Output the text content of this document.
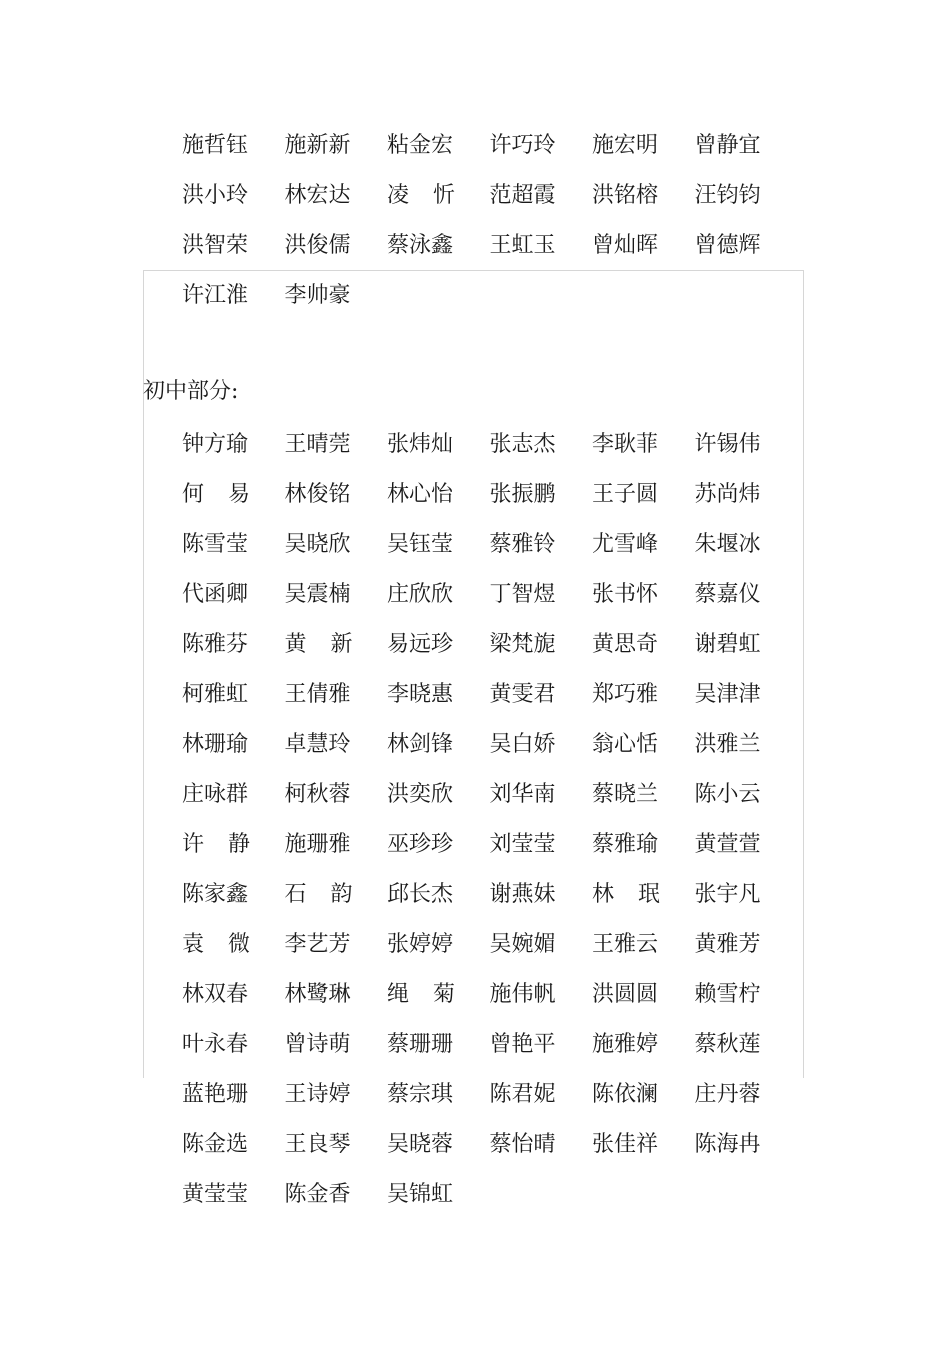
施哲钰 施新新 粘金宏 许巧玲 施宏明 曾静宜
洪小玲 林宏达 凌 忻 范超霞 洪铭榕 汪钧钧
洪智荣 洪俊儒 蔡泳鑫 王虹玉 曾灿晖 曾德辉
许江淮 李帅豪
初中部分:
钟方瑜 王晴莞 张炜灿 张志杰 李耿菲 许锡伟
何 易 林俊铭 林心怡 张振鹏 王子圆 苏尚炜
陈雪莹 吴晓欣 吴钰莹 蔡雅铃 尤雪峰 朱堰冰
代函卿 吴震楠 庄欣欣 丁智煜 张书怀 蔡嘉仪
陈雅芬 黄 新 易远珍 梁梵旎 黄思奇 谢碧虹
柯雅虹 王倩雅 李晓惠 黄雯君 郑巧雅 吴津津
林珊瑜 卓慧玲 林剑锋 吴白娇 翁心恬 洪雅兰
庄咏群 柯秋蓉 洪奕欣 刘华南 蔡晓兰 陈小云
许 静 施珊雅 巫珍珍 刘莹莹 蔡雅瑜 黄萱萱
陈家鑫 石 韵 邱长杰 谢燕妹 林 珉 张宇凡
袁 微 李艺芳 张婷婷 吴婉媚 王雅云 黄雅芳
林双春 林鹭琳 绳 菊 施伟帆 洪圆圆 赖雪柠
叶永春 曾诗萌 蔡珊珊 曾艳平 施雅婷 蔡秋莲
蓝艳珊 王诗婷 蔡宗琪 陈君妮 陈依澜 庄丹蓉
陈金选 王良琴 吴晓蓉 蔡怡晴 张佳祥 陈海冉
黄莹莹 陈金香 吴锦虹
